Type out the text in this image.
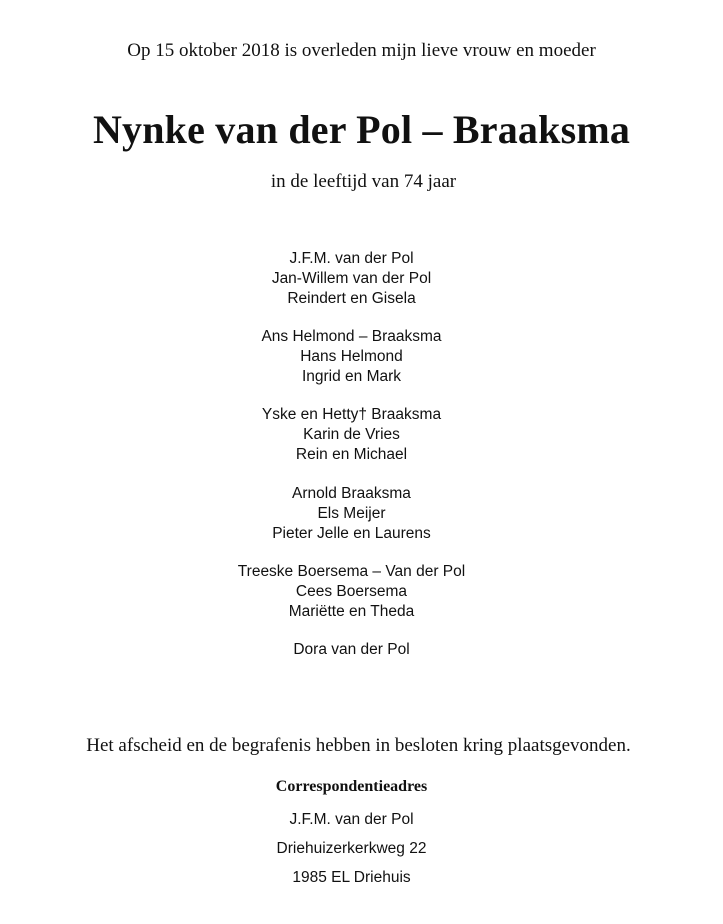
Op 15 oktober 2018 is overleden mijn lieve vrouw en moeder
Nynke van der Pol – Braaksma
in de leeftijd van 74 jaar
J.F.M. van der Pol
Jan-Willem van der Pol
Reindert en Gisela
Ans Helmond – Braaksma
Hans Helmond
Ingrid en Mark
Yske en Hetty† Braaksma
Karin de Vries
Rein en Michael
Arnold Braaksma
Els Meijer
Pieter Jelle en Laurens
Treeske Boersema – Van der Pol
Cees Boersema
Mariëtte en Theda
Dora van der Pol
Het afscheid en de begrafenis hebben in besloten kring plaatsgevonden.
Correspondentieadres
J.F.M. van der Pol
Driehuizerkerkweg 22
1985 EL Driehuis
